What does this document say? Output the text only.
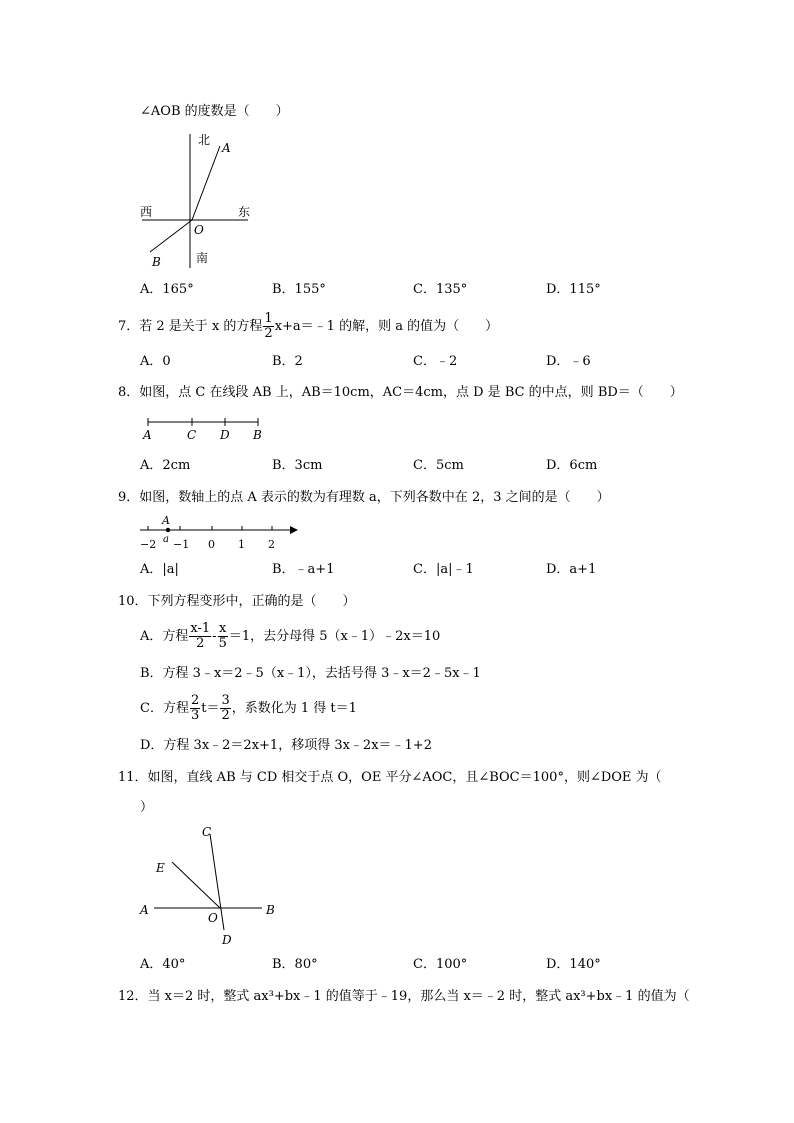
∠AOB 的度数是（　　）
北
南
西	东
O
A
B
A．165°	B．155°	C．135°	D．115°
7．若 2 是关于 x 的方程 $\frac{1}{2}$ x+a＝﹣1 的解，则 a 的值为（　　）
A．0	B．2	C．﹣2	D．﹣6
8．如图，点 C 在线段 AB 上，AB＝10cm，AC＝4cm，点 D 是 BC 的中点，则 BD＝（　　）
A	C D B
A．2cm	B．3cm	C．5cm	D．6cm
9．如图，数轴上的点 A 表示的数为有理数 a，下列各数中在 2，3 之间的是（　　）
A
a
−2 −1 0 1 2
A．|a|	B．﹣a+1	C．|a|﹣1	D．a+1
10．下列方程变形中，正确的是（　　）
A．方程 $\frac{x-1}{2} - \frac{x}{5} =1$，去分母得 5（x﹣1）﹣2x＝10
B．方程 3﹣x＝2﹣5（x﹣1），去括号得 3﹣x＝2﹣5x﹣1
C．方程 $\frac{2}{3} t= \frac{3}{2}$ ，系数化为 1 得 t＝1
D．方程 3x﹣2＝2x+1，移项得 3x﹣2x＝﹣1+2
11．如图，直线 AB 与 CD 相交于点 O，OE 平分∠AOC，且∠BOC＝100°，则∠DOE 为（
）
A	B
C
D
E
O
A．40°	B．80°	C．100°	D．140°
12．当 x＝2 时，整式 ax³+bx﹣1 的值等于﹣19，那么当 x＝﹣2 时，整式 ax³+bx﹣1 的值为（
